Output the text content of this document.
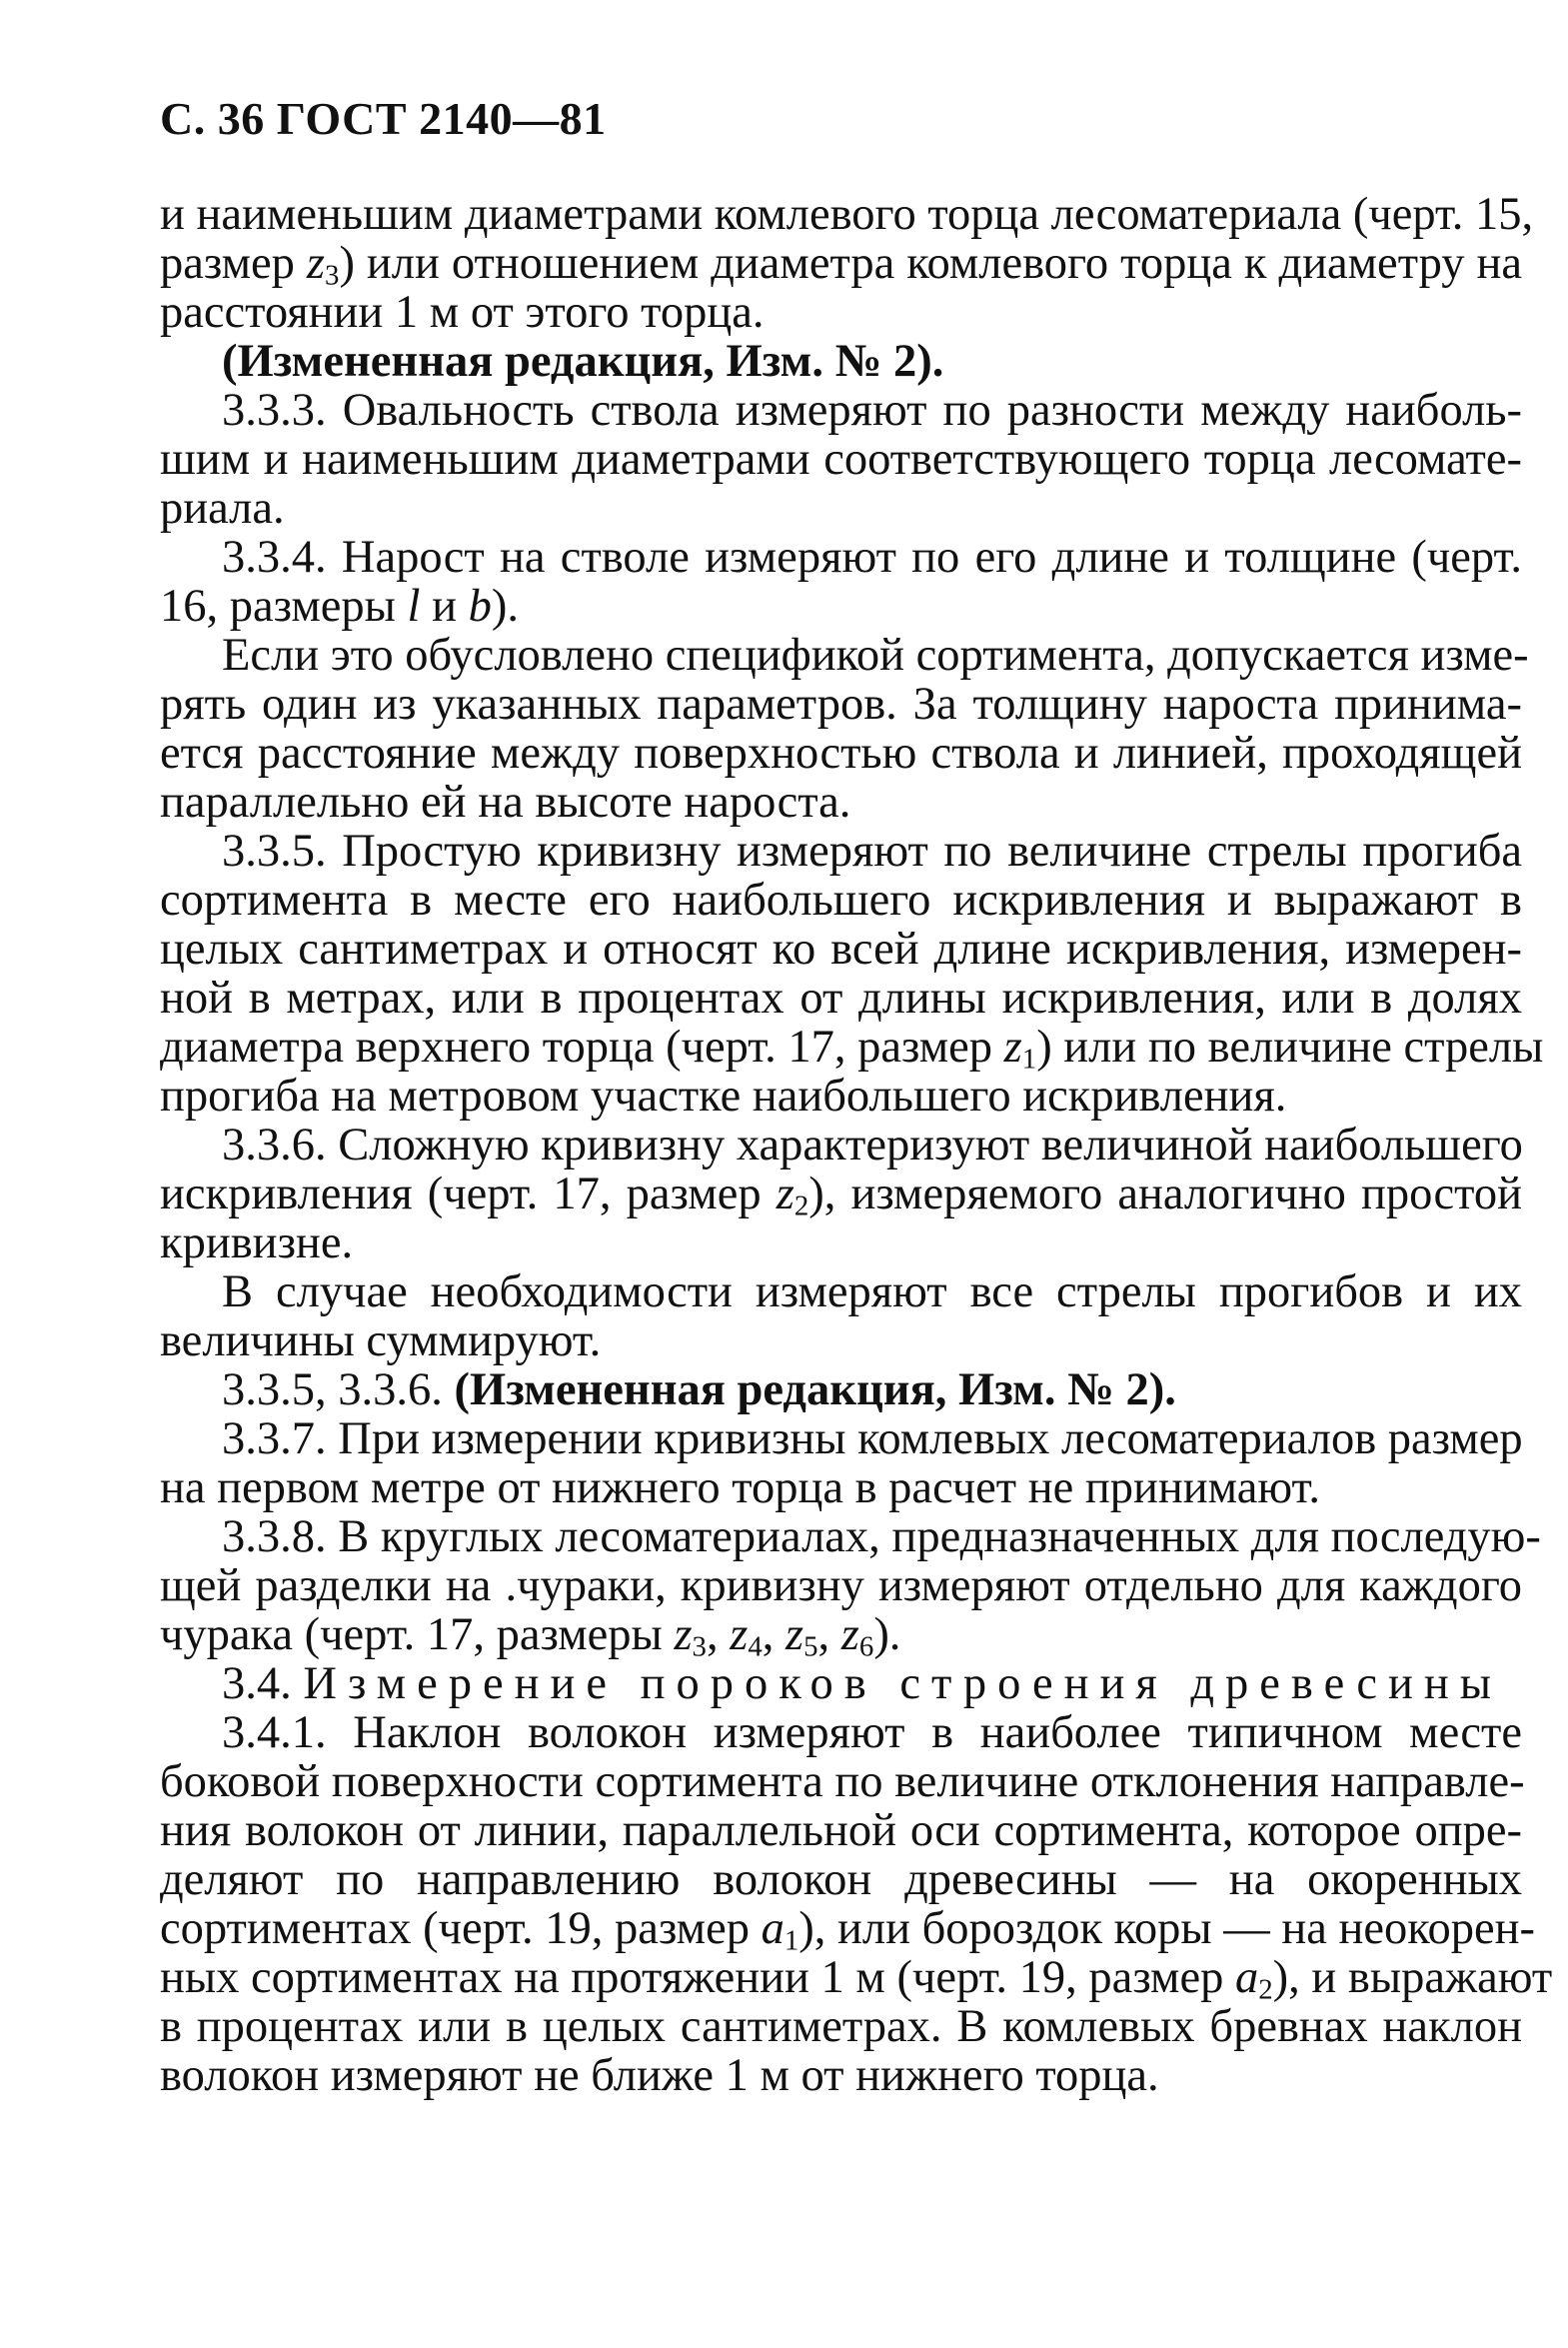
С. 36 ГОСТ 2140—81
и наименьшим диаметрами комлевого торца лесоматериала (черт. 15,
размер $z_3$) или отношением диаметра комлевого торца к диаметру на
расстоянии 1 м от этого торца.
(Измененная редакция, Изм. № 2).
3.3.3. Овальность ствола измеряют по разности между наиболь-
шим и наименьшим диаметрами соответствующего торца лесомате-
риала.
3.3.4. Нарост на стволе измеряют по его длине и толщине (черт.
16, размеры l и b).
Если это обусловлено спецификой сортимента, допускается изме-
рять один из указанных параметров. За толщину нароста принима-
ется расстояние между поверхностью ствола и линией, проходящей
параллельно ей на высоте нароста.
3.3.5. Простую кривизну измеряют по величине стрелы прогиба
сортимента в месте его наибольшего искривления и выражают в
целых сантиметрах и относят ко всей длине искривления, измерен-
ной в метрах, или в процентах от длины искривления, или в долях
диаметра верхнего торца (черт. 17, размер $z_1$) или по величине стрелы
прогиба на метровом участке наибольшего искривления.
3.3.6. Сложную кривизну характеризуют величиной наибольшего
искривления (черт. 17, размер $z_2$), измеряемого аналогично простой
кривизне.
В случае необходимости измеряют все стрелы прогибов и их
величины суммируют.
3.3.5, 3.3.6. (Измененная редакция, Изм. № 2).
3.3.7. При измерении кривизны комлевых лесоматериалов размер
на первом метре от нижнего торца в расчет не принимают.
3.3.8. В круглых лесоматериалах, предназначенных для последую-
щей разделки на .чураки, кривизну измеряют отдельно для каждого
чурака (черт. 17, размеры $z_3$, $z_4$, $z_5$, $z_6$).
3.4. Измерение пороков строения древесины
3.4.1. Наклон волокон измеряют в наиболее типичном месте
боковой поверхности сортимента по величине отклонения направле-
ния волокон от линии, параллельной оси сортимента, которое опре-
деляют по направлению волокон древесины — на окоренных
сортиментах (черт. 19, размер $a_1$), или бороздок коры — на неокорен-
ных сортиментах на протяжении 1 м (черт. 19, размер $a_2$), и выражают
в процентах или в целых сантиметрах. В комлевых бревнах наклон
волокон измеряют не ближе 1 м от нижнего торца.
